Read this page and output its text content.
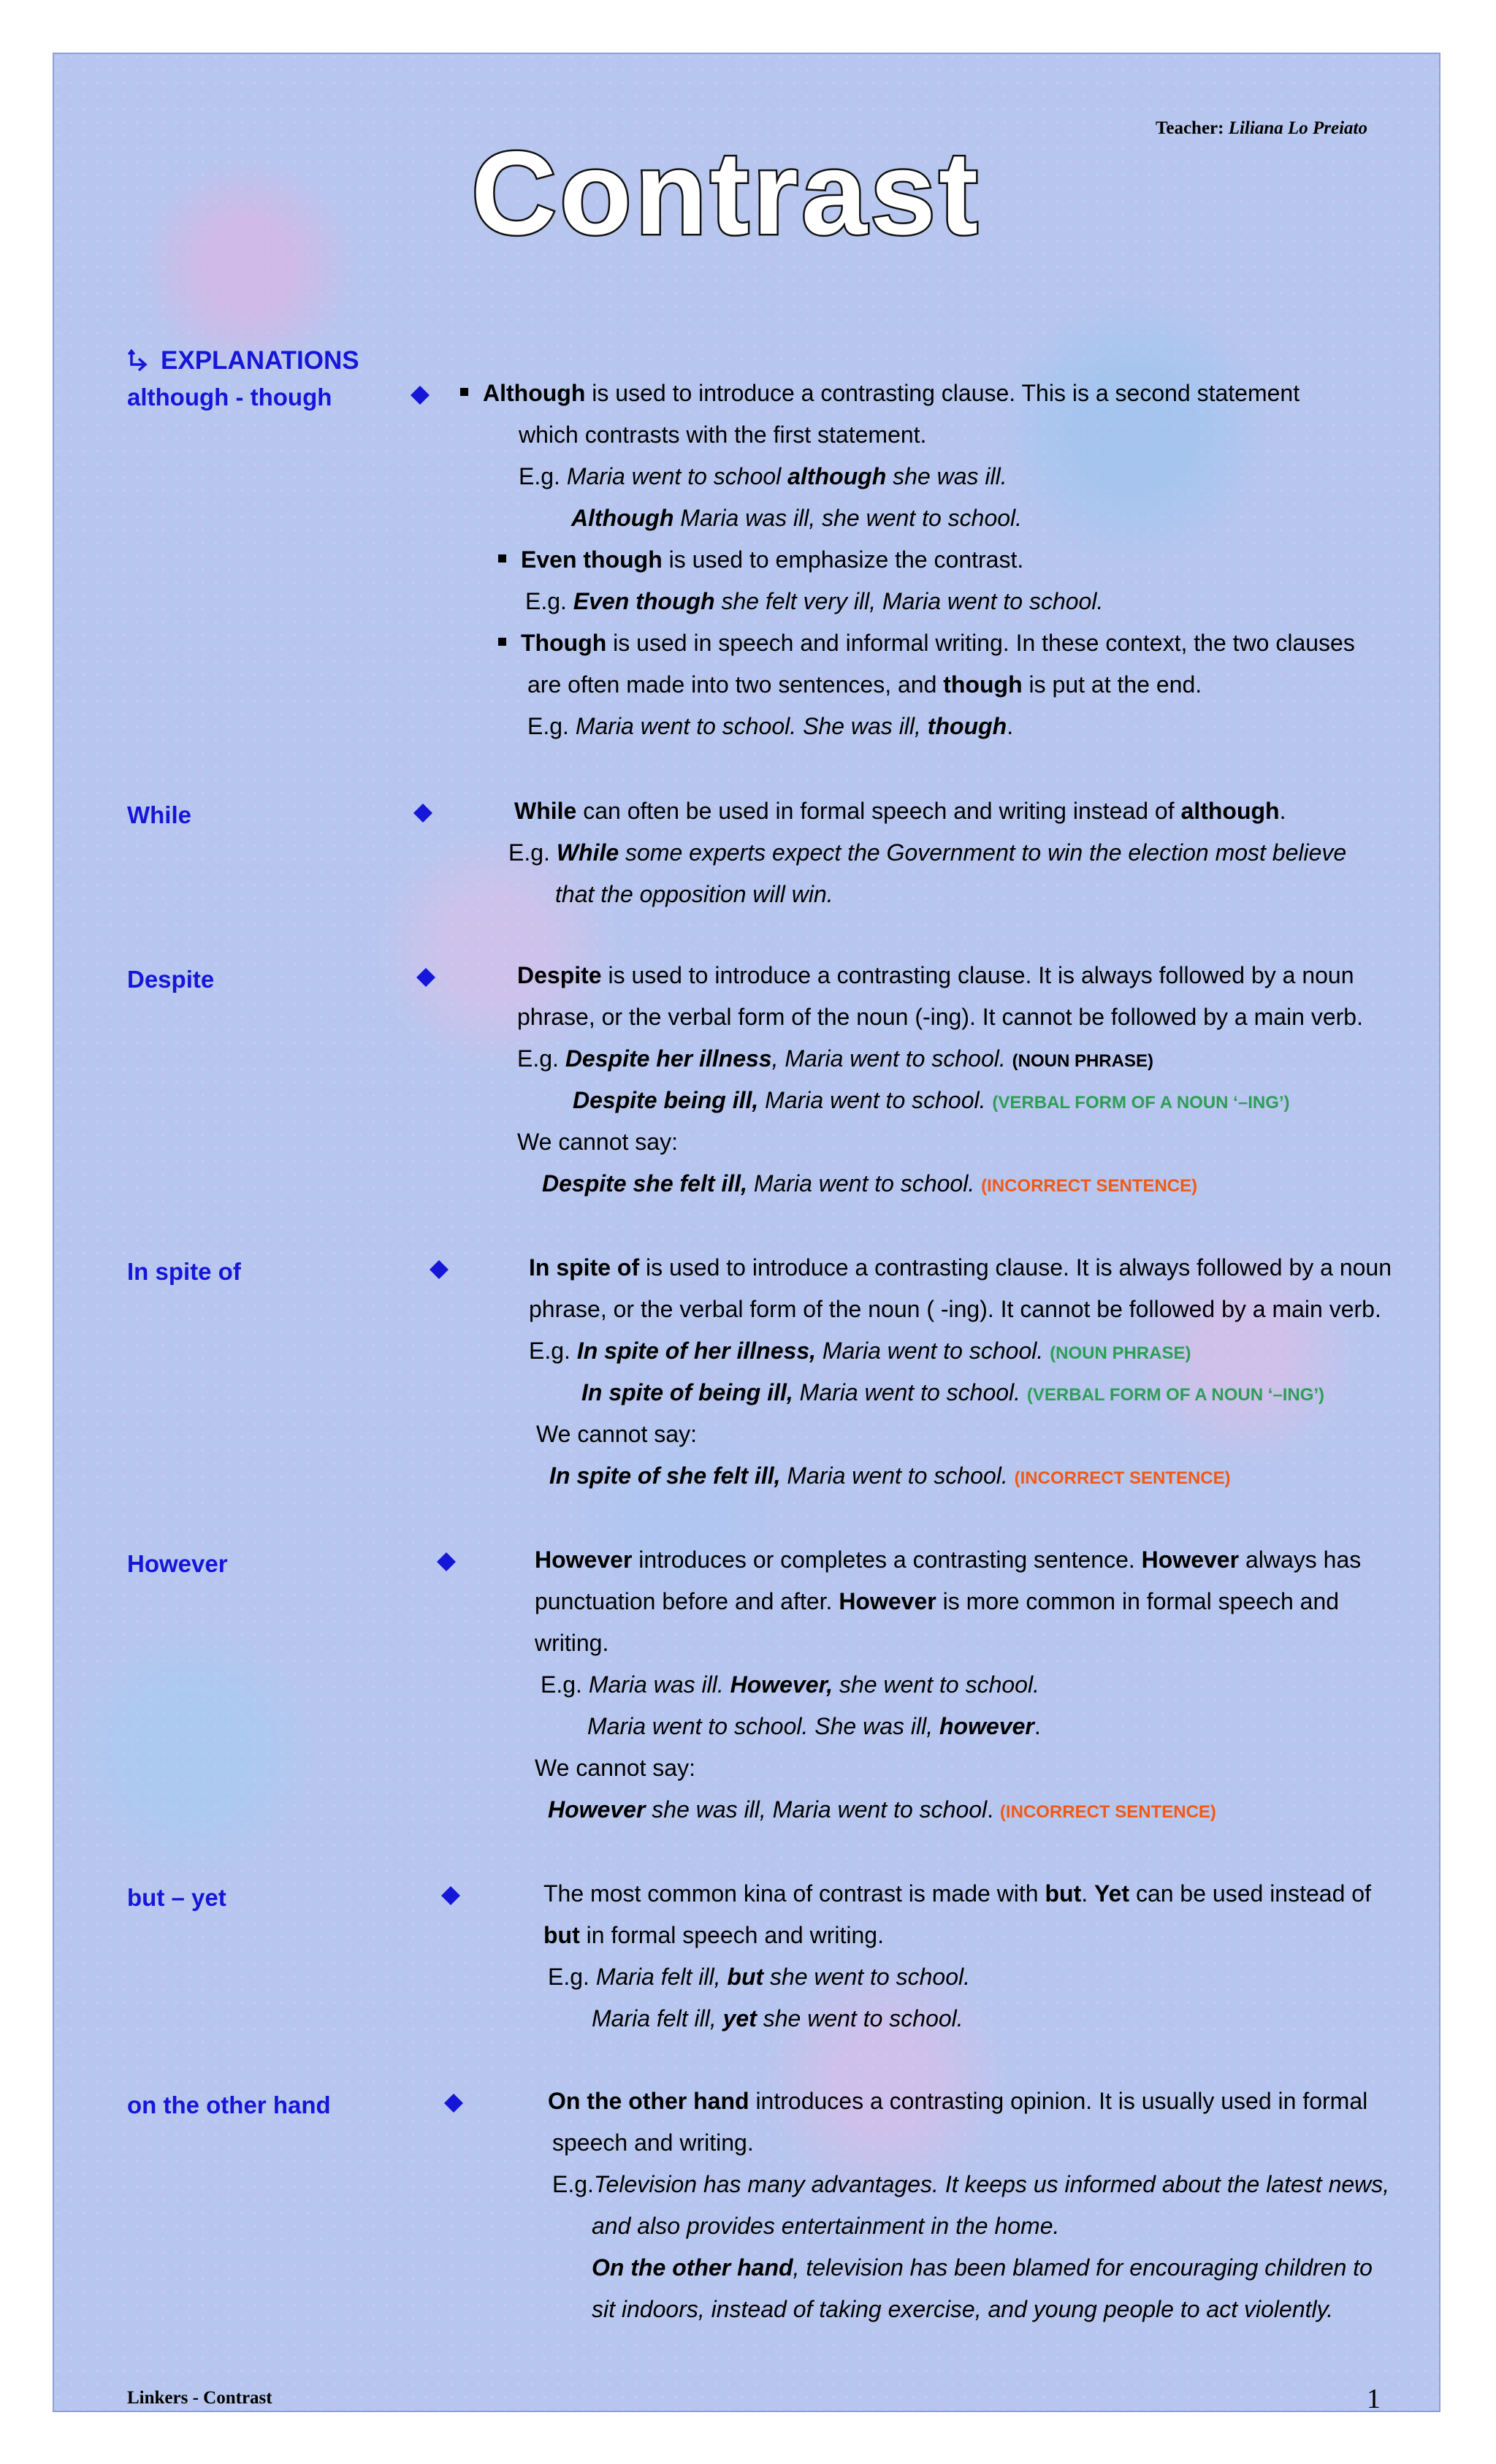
Teacher: Liliana Lo Preiato
Contrast
EXPLANATIONS
although - though	Although is used to introduce a contrasting clause. This is a second statement
which contrasts with the first statement.
E.g. Maria went to school although she was ill.
Although Maria was ill, she went to school.
Even though is used to emphasize the contrast.
E.g. Even though she felt very ill, Maria went to school.
Though is used in speech and informal writing. In these context, the two clauses
are often made into two sentences, and though is put at the end.
E.g. Maria went to school. She was ill, though.
While	While can often be used in formal speech and writing instead of although.
E.g. While some experts expect the Government to win the election most believe
that the opposition will win.
Despite	Despite is used to introduce a contrasting clause. It is always followed by a noun
phrase, or the verbal form of the noun (-ing). It cannot be followed by a main verb.
E.g. Despite her illness, Maria went to school. (NOUN PHRASE)
Despite being ill, Maria went to school. (VERBAL FORM OF A NOUN ‘–ING’)
We cannot say:
Despite she felt ill, Maria went to school. (INCORRECT SENTENCE)
In spite of	In spite of is used to introduce a contrasting clause. It is always followed by a noun
phrase, or the verbal form of the noun ( -ing). It cannot be followed by a main verb.
E.g. In spite of her illness, Maria went to school. (NOUN PHRASE)
In spite of being ill, Maria went to school. (VERBAL FORM OF A NOUN ‘–ING’)
We cannot say:
In spite of she felt ill, Maria went to school. (INCORRECT SENTENCE)
However	However introduces or completes a contrasting sentence. However always has
punctuation before and after. However is more common in formal speech and
writing.
E.g. Maria was ill. However, she went to school.
Maria went to school. She was ill, however.
We cannot say:
However she was ill, Maria went to school. (INCORRECT SENTENCE)
but – yet	The most common kina of contrast is made with but. Yet can be used instead of
but in formal speech and writing.
E.g. Maria felt ill, but she went to school.
Maria felt ill, yet she went to school.
on the other hand	On the other hand introduces a contrasting opinion. It is usually used in formal
speech and writing.
E.g.Television has many advantages. It keeps us informed about the latest news,
and also provides entertainment in the home.
On the other hand, television has been blamed for encouraging children to
sit indoors, instead of taking exercise, and young people to act violently.
Linkers - Contrast	1
